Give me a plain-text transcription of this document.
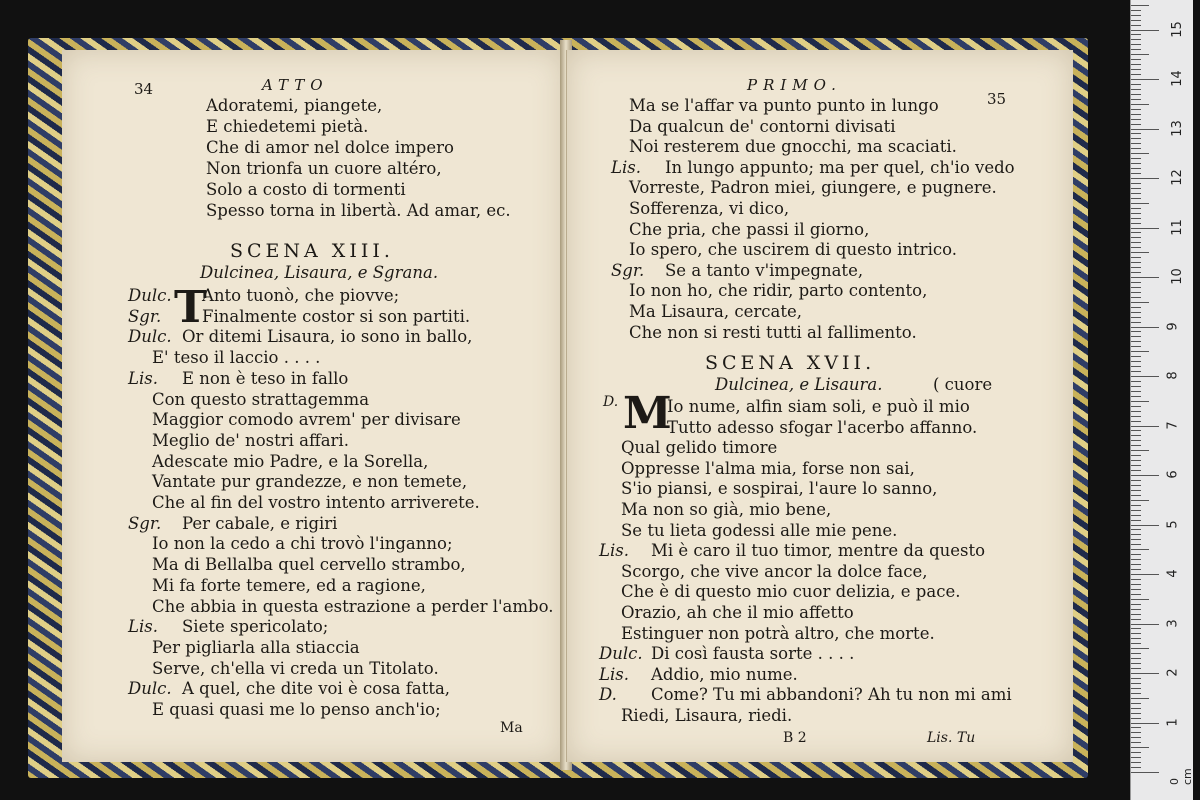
34	ATTO
Adoratemi, piangete,
E chiedetemi pietà.
Che di amor nel dolce impero
Non trionfa un cuore altéro,
Solo a costo di tormenti
Spesso torna in libertà. Ad amar, ec.
SCENA XIII.
Dulcinea, Lisaura, e Sgrana.
T
Dulc. Anto tuonò, che piovve;
Sgr. Finalmente costor si son partiti.
Dulc. Or ditemi Lisaura, io sono in ballo,
E' teso il laccio . . . .
Lis. E non è teso in fallo
Con questo strattagemma
Maggior comodo avrem' per divisare
Meglio de' nostri affari.
Adescate mio Padre, e la Sorella,
Vantate pur grandezze, e non temete,
Che al fin del vostro intento arriverete.
Sgr. Per cabale, e rigiri
Io non la cedo a chi trovò l'inganno;
Ma di Bellalba quel cervello strambo,
Mi fa forte temere, ed a ragione,
Che abbia in questa estrazione a perder l'ambo.
Lis. Siete spericolato;
Per pigliarla alla stiaccia
Serve, ch'ella vi creda un Titolato.
Dulc. A quel, che dite voi è cosa fatta,
E quasi quasi me lo penso anch'io;
Ma
PRIMO.
35
Ma se l'affar va punto punto in lungo
Da qualcun de' contorni divisati
Noi resterem due gnocchi, ma scaciati.
Lis. In lungo appunto; ma per quel, ch'io vedo
Vorreste, Padron miei, giungere, e pugnere.
Sofferenza, vi dico,
Che pria, che passi il giorno,
Io spero, che uscirem di questo intrico.
Sgr. Se a tanto v'impegnate,
Io non ho, che ridir, parto contento,
Ma Lisaura, cercate,
Che non si resti tutti al fallimento.
SCENA XVII.
Dulcinea, e Lisaura.	( cuore
D. M
Io nume, alfin siam soli, e può il mio
Tutto adesso sfogar l'acerbo affanno.
Qual gelido timore
Oppresse l'alma mia, forse non sai,
S'io piansi, e sospirai, l'aure lo sanno,
Ma non so già, mio bene,
Se tu lieta godessi alle mie pene.
Lis. Mi è caro il tuo timor, mentre da questo
Scorgo, che vive ancor la dolce face,
Che è di questo mio cuor delizia, e pace.
Orazio, ah che il mio affetto
Estinguer non potrà altro, che morte.
Dulc. Di così fausta sorte . . . .
Lis. Addio, mio nume.
D. Come? Tu mi abbandoni? Ah tu non mi ami
Riedi, Lisaura, riedi.
B 2	Lis. Tu
15
14
13
12
11
10
9
8
7
6
5
4
3
2
1
0 cm
